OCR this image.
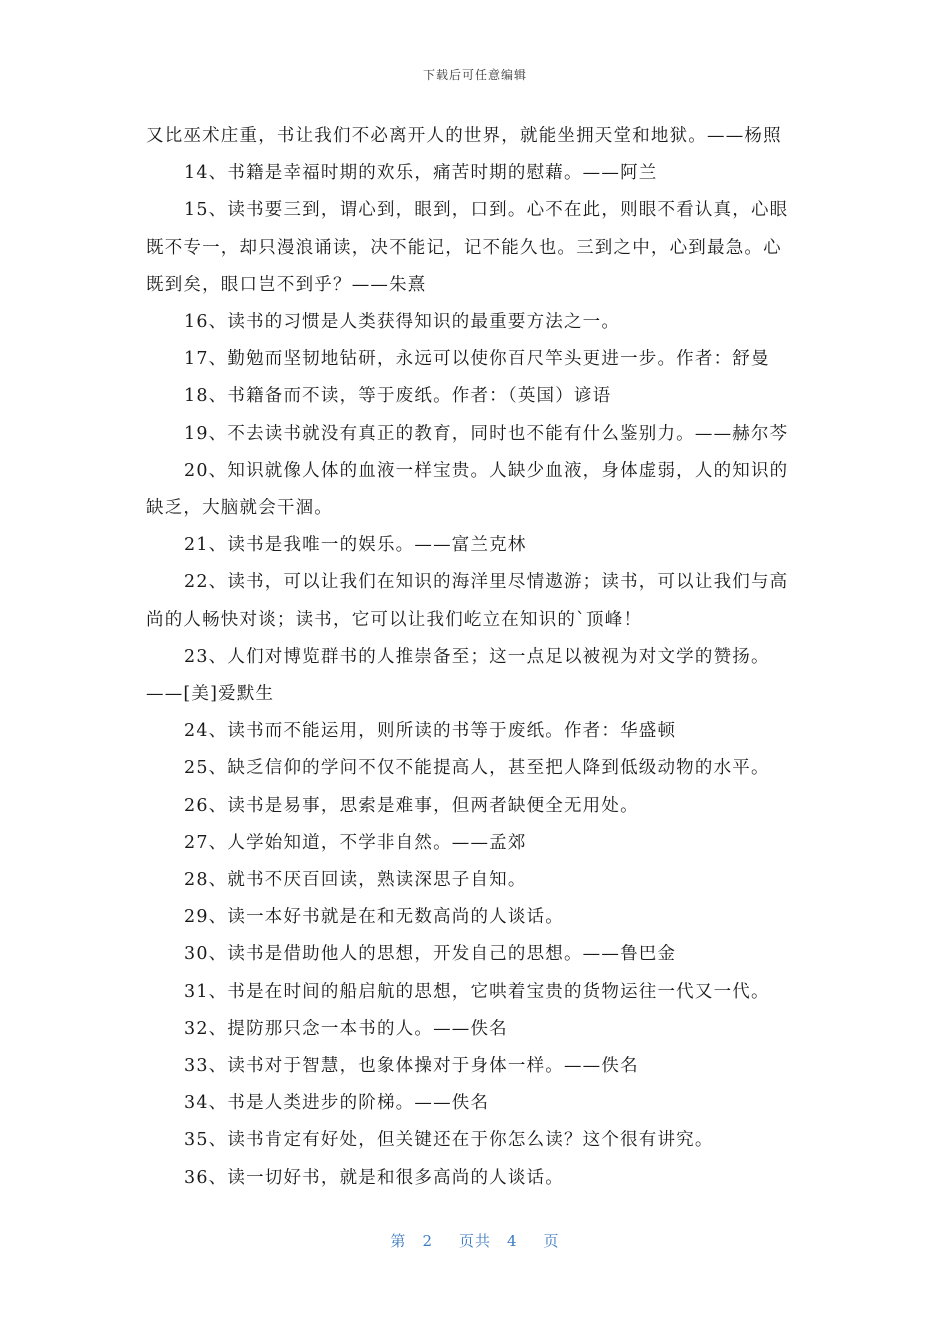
下载后可任意编辑

又比巫术庄重，书让我们不必离开人的世界，就能坐拥天堂和地狱。——杨照

14、书籍是幸福时期的欢乐，痛苦时期的慰藉。——阿兰

15、读书要三到，谓心到，眼到，口到。心不在此，则眼不看认真，心眼既不专一，却只漫浪诵读，决不能记，记不能久也。三到之中，心到最急。心既到矣，眼口岂不到乎？——朱熹

16、读书的习惯是人类获得知识的最重要方法之一。

17、勤勉而坚韧地钻研，永远可以使你百尺竿头更进一步。作者：舒曼

18、书籍备而不读，等于废纸。作者：（英国）谚语

19、不去读书就没有真正的教育，同时也不能有什么鉴别力。——赫尔芩

20、知识就像人体的血液一样宝贵。人缺少血液，身体虚弱，人的知识的缺乏，大脑就会干涸。

21、读书是我唯一的娱乐。——富兰克林

22、读书，可以让我们在知识的海洋里尽情遨游；读书，可以让我们与高尚的人畅快对谈；读书，它可以让我们屹立在知识的`顶峰！

23、人们对博览群书的人推崇备至；这一点足以被视为对文学的赞扬。——[美]爱默生

24、读书而不能运用，则所读的书等于废纸。作者：华盛顿

25、缺乏信仰的学问不仅不能提高人，甚至把人降到低级动物的水平。

26、读书是易事，思索是难事，但两者缺便全无用处。

27、人学始知道，不学非自然。——孟郊

28、就书不厌百回读，熟读深思子自知。

29、读一本好书就是在和无数高尚的人谈话。

30、读书是借助他人的思想，开发自己的思想。——鲁巴金

31、书是在时间的船启航的思想，它哄着宝贵的货物运往一代又一代。

32、提防那只念一本书的人。——佚名

33、读书对于智慧，也象体操对于身体一样。——佚名

34、书是人类进步的阶梯。——佚名

35、读书肯定有好处，但关键还在于你怎么读？这个很有讲究。

36、读一切好书，就是和很多高尚的人谈话。

第 2 页共 4 页
